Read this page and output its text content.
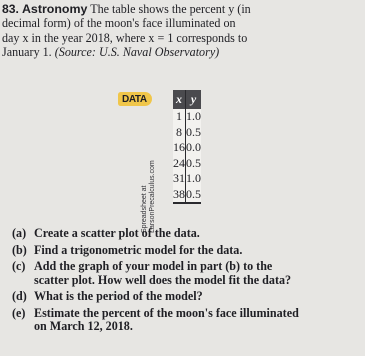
83. Astronomy The table shows the percent y (in
decimal form) of the moon's face illuminated on
day x in the year 2018, where x = 1 corresponds to
January 1. (Source: U.S. Naval Observatory)
DATA	x	y
1	1.0
8	0.5
16	0.0
24	0.5
31	1.0
38	0.5
Spreadsheet at LarsonPrecalculus.com
(a) Create a scatter plot of the data.
(b) Find a trigonometric model for the data.
(c) Add the graph of your model in part (b) to the
scatter plot. How well does the model fit the data?
(d) What is the period of the model?
(e) Estimate the percent of the moon's face illuminated
on March 12, 2018.
